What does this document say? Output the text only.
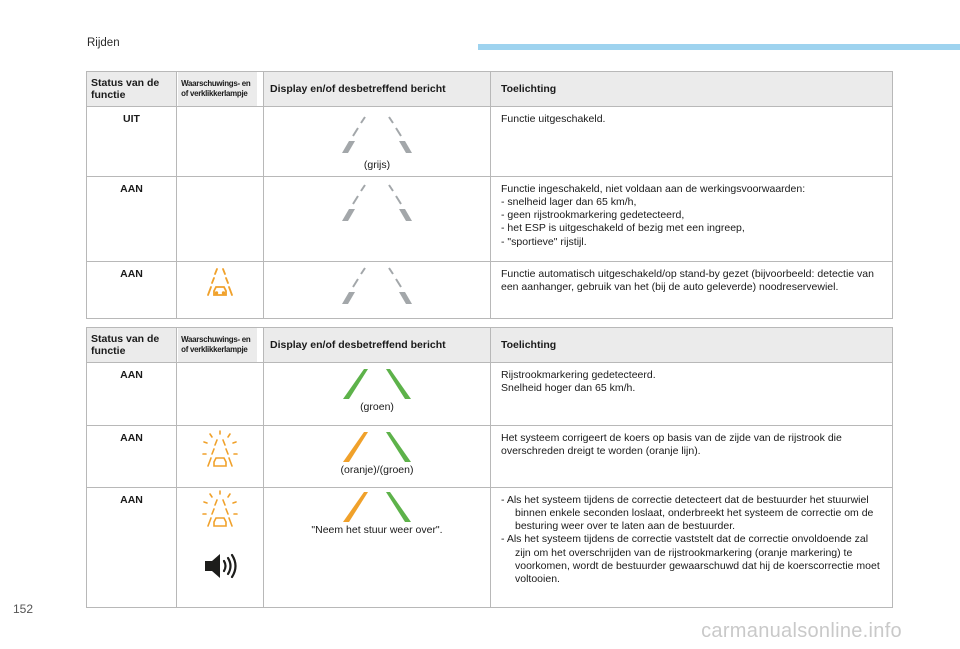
Rijden
Status van de functie	Waarschuwings- en of verklikkerlampje	Display en/of desbetreffend bericht	Toelichting
UIT		(grijs)	Functie uitgeschakeld.

AAN			Functie ingeschakeld, niet voldaan aan de werkingsvoorwaarden:
- snelheid lager dan 65 km/h,
- geen rijstrookmarkering gedetecteerd,
- het ESP is uitgeschakeld of bezig met een ingreep,
- "sportieve" rijstijl.

AAN			Functie automatisch uitgeschakeld/op stand-by gezet (bijvoorbeeld: detectie van een aanhanger, gebruik van het (bij de auto geleverde) noodreservewiel.
Status van de functie	Waarschuwings- en of verklikkerlampje	Display en/of desbetreffend bericht	Toelichting
AAN		(groen)	Rijstrookmarkering gedetecteerd.
Snelheid hoger dan 65 km/h.

AAN		(oranje)/(groen)	Het systeem corrigeert de koers op basis van de zijde van de rijstrook die overschreden dreigt te worden (oranje lijn).

AAN		"Neem het stuur weer over".	- Als het systeem tijdens de correctie detecteert dat de bestuurder het stuurwiel binnen enkele seconden loslaat, onderbreekt het systeem de correctie om de besturing weer over te laten aan de bestuurder.
- Als het systeem tijdens de correctie vaststelt dat de correctie onvoldoende zal zijn om het overschrijden van de rijstrookmarkering (oranje markering) te voorkomen, wordt de bestuurder gewaarschuwd dat hij de koerscorrectie moet voltooien.
152
carmanualsonline.info
